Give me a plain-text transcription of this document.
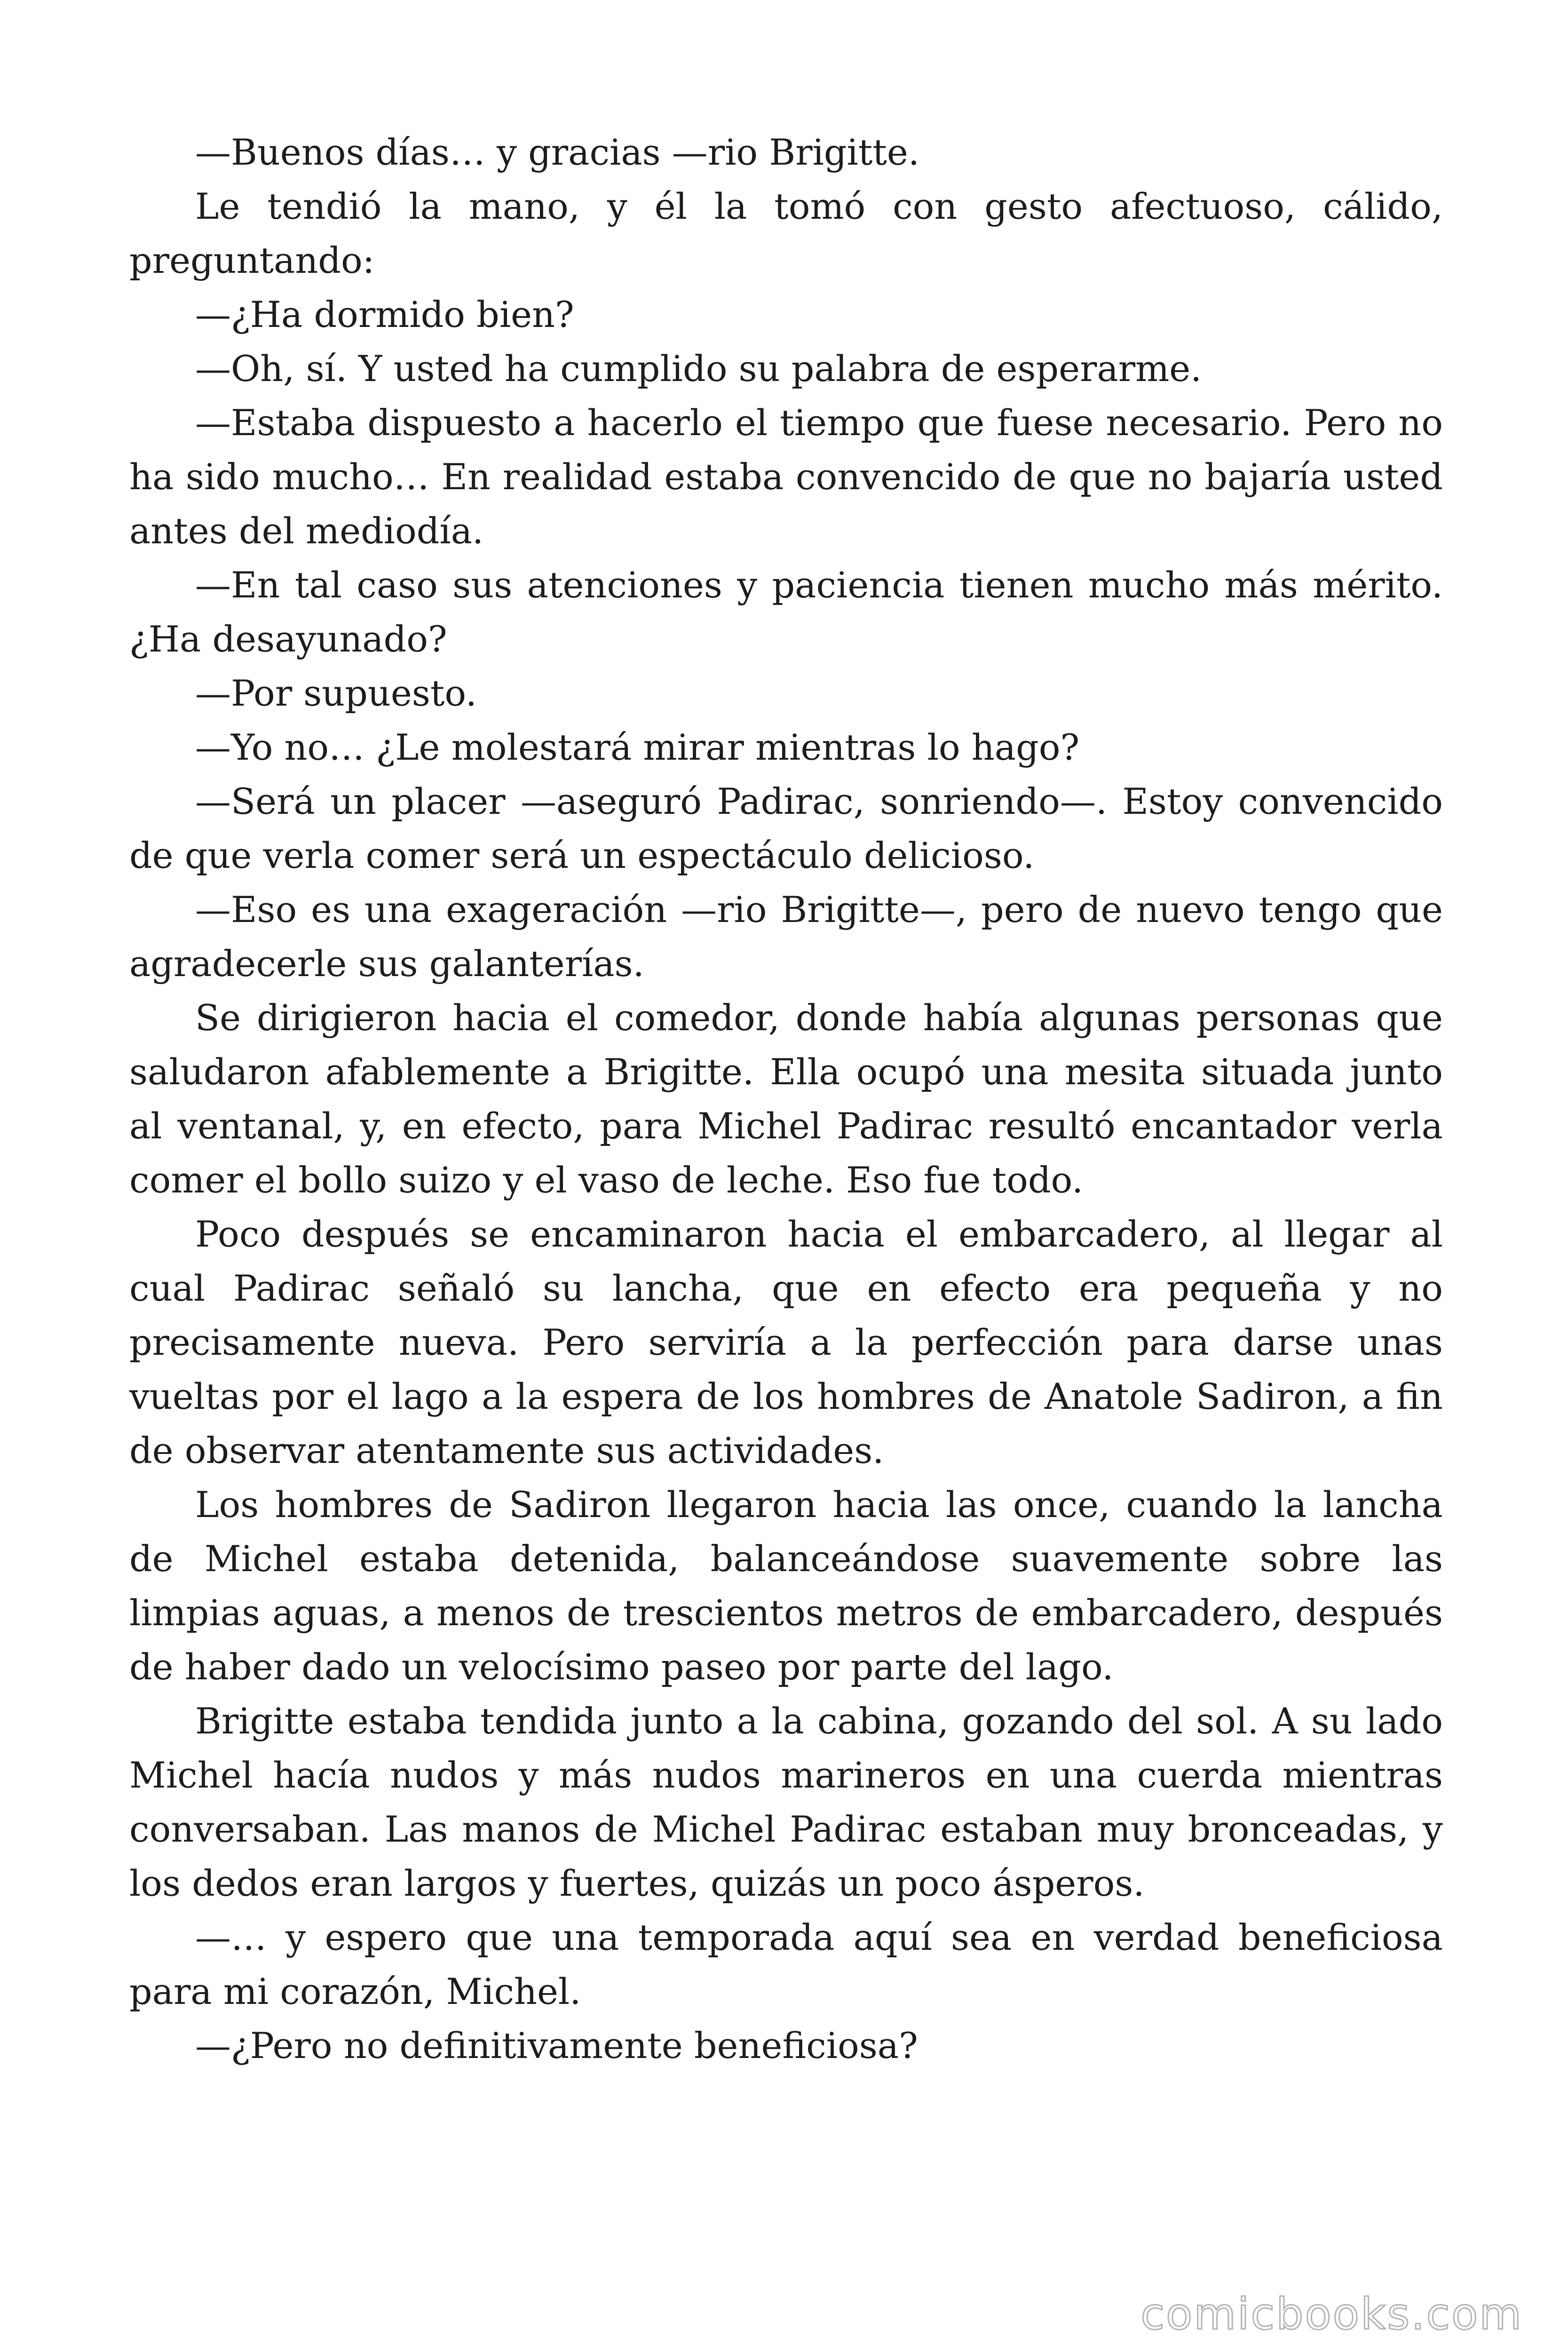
—Buenos días… y gracias —rio Brigitte.

Le tendió la mano, y él la tomó con gesto afectuoso, cálido, preguntando:

—¿Ha dormido bien?

—Oh, sí. Y usted ha cumplido su palabra de esperarme.

—Estaba dispuesto a hacerlo el tiempo que fuese necesario. Pero no ha sido mucho… En realidad estaba convencido de que no bajaría usted antes del mediodía.

—En tal caso sus atenciones y paciencia tienen mucho más mérito. ¿Ha desayunado?

—Por supuesto.

—Yo no… ¿Le molestará mirar mientras lo hago?

—Será un placer —aseguró Padirac, sonriendo—. Estoy convencido de que verla comer será un espectáculo delicioso.

—Eso es una exageración —rio Brigitte—, pero de nuevo tengo que agradecerle sus galanterías.

Se dirigieron hacia el comedor, donde había algunas personas que saludaron afablemente a Brigitte. Ella ocupó una mesita situada junto al ventanal, y, en efecto, para Michel Padirac resultó encantador verla comer el bollo suizo y el vaso de leche. Eso fue todo.

Poco después se encaminaron hacia el embarcadero, al llegar al cual Padirac señaló su lancha, que en efecto era pequeña y no precisamente nueva. Pero serviría a la perfección para darse unas vueltas por el lago a la espera de los hombres de Anatole Sadiron, a fin de observar atentamente sus actividades.

Los hombres de Sadiron llegaron hacia las once, cuando la lancha de Michel estaba detenida, balanceándose suavemente sobre las limpias aguas, a menos de trescientos metros de embarcadero, después de haber dado un velocísimo paseo por parte del lago.

Brigitte estaba tendida junto a la cabina, gozando del sol. A su lado Michel hacía nudos y más nudos marineros en una cuerda mientras conversaban. Las manos de Michel Padirac estaban muy bronceadas, y los dedos eran largos y fuertes, quizás un poco ásperos.

—… y espero que una temporada aquí sea en verdad beneficiosa para mi corazón, Michel.

—¿Pero no definitivamente beneficiosa?

comicbooks.com
